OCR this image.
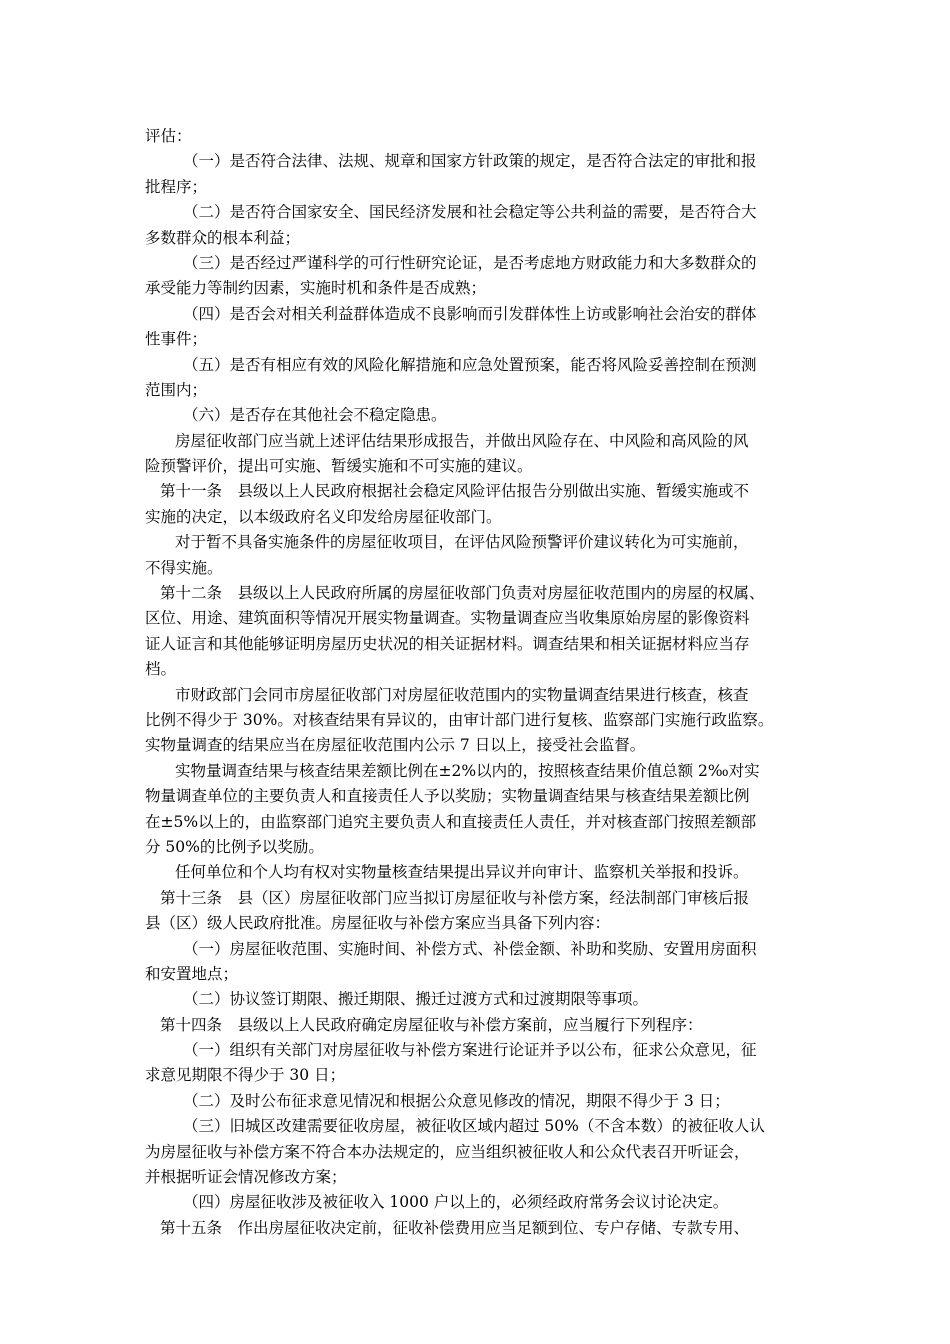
评估：
（一）是否符合法律、法规、规章和国家方针政策的规定，是否符合法定的审批和报
批程序；
（二）是否符合国家安全、国民经济发展和社会稳定等公共利益的需要，是否符合大
多数群众的根本利益；
（三）是否经过严谨科学的可行性研究论证，是否考虑地方财政能力和大多数群众的
承受能力等制约因素，实施时机和条件是否成熟；
（四）是否会对相关利益群体造成不良影响而引发群体性上访或影响社会治安的群体
性事件；
（五）是否有相应有效的风险化解措施和应急处置预案，能否将风险妥善控制在预测
范围内；
（六）是否存在其他社会不稳定隐患。
房屋征收部门应当就上述评估结果形成报告，并做出风险存在、中风险和高风险的风
险预警评价，提出可实施、暂缓实施和不可实施的建议。
第十一条　县级以上人民政府根据社会稳定风险评估报告分别做出实施、暂缓实施或不
实施的决定，以本级政府名义印发给房屋征收部门。
对于暂不具备实施条件的房屋征收项目，在评估风险预警评价建议转化为可实施前，
不得实施。
第十二条　县级以上人民政府所属的房屋征收部门负责对房屋征收范围内的房屋的权属、
区位、用途、建筑面积等情况开展实物量调查。实物量调查应当收集原始房屋的影像资料
证人证言和其他能够证明房屋历史状况的相关证据材料。调查结果和相关证据材料应当存
档。
市财政部门会同市房屋征收部门对房屋征收范围内的实物量调查结果进行核查，核查
比例不得少于 30%。对核查结果有异议的，由审计部门进行复核、监察部门实施行政监察。
实物量调查的结果应当在房屋征收范围内公示 7 日以上，接受社会监督。
实物量调查结果与核查结果差额比例在±2%以内的，按照核查结果价值总额 2‰对实
物量调查单位的主要负责人和直接责任人予以奖励；实物量调查结果与核查结果差额比例
在±5%以上的，由监察部门追究主要负责人和直接责任人责任，并对核查部门按照差额部
分 50%的比例予以奖励。
任何单位和个人均有权对实物量核查结果提出异议并向审计、监察机关举报和投诉。
第十三条　县（区）房屋征收部门应当拟订房屋征收与补偿方案，经法制部门审核后报
县（区）级人民政府批准。房屋征收与补偿方案应当具备下列内容：
（一）房屋征收范围、实施时间、补偿方式、补偿金额、补助和奖励、安置用房面积
和安置地点；
（二）协议签订期限、搬迁期限、搬迁过渡方式和过渡期限等事项。
第十四条　县级以上人民政府确定房屋征收与补偿方案前，应当履行下列程序：
（一）组织有关部门对房屋征收与补偿方案进行论证并予以公布，征求公众意见，征
求意见期限不得少于 30 日；
（二）及时公布征求意见情况和根据公众意见修改的情况，期限不得少于 3 日；
（三）旧城区改建需要征收房屋，被征收区域内超过 50%（不含本数）的被征收人认
为房屋征收与补偿方案不符合本办法规定的，应当组织被征收人和公众代表召开听证会，
并根据听证会情况修改方案；
（四）房屋征收涉及被征收入 1000 户以上的，必须经政府常务会议讨论决定。
第十五条　作出房屋征收决定前，征收补偿费用应当足额到位、专户存储、专款专用、
